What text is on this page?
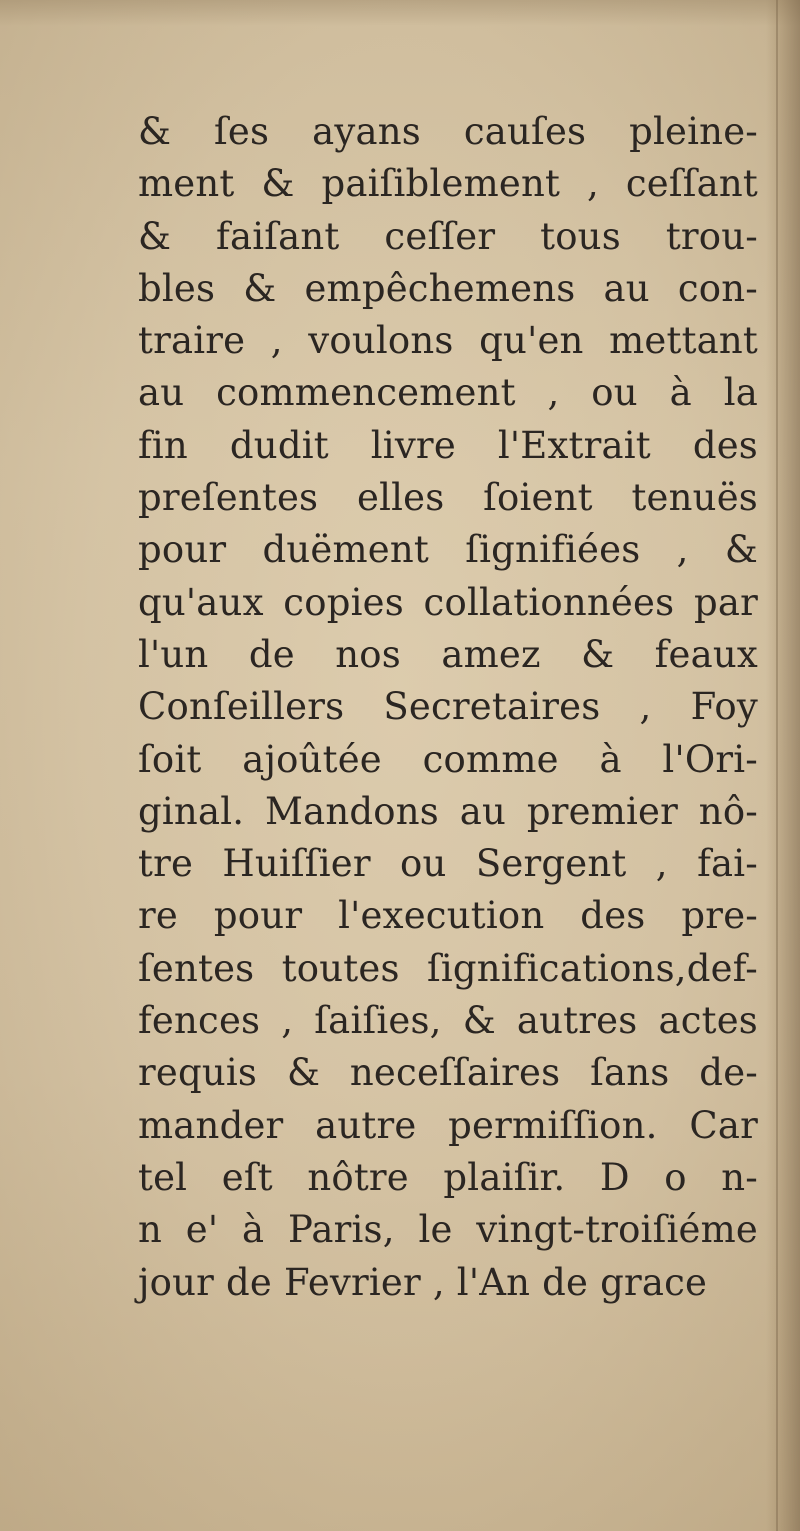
& ſes ayans cauſes pleine-
ment & paiſiblement , ceſſant
& faiſant ceſſer tous trou-
bles & empêchemens au con-
traire , voulons qu'en mettant
au commencement , ou à la
fin dudit livre l'Extrait des
preſentes elles ſoient tenuës
pour duëment ſignifiées , &
qu'aux copies collationnées par
l'un de nos amez & feaux
Conſeillers Secretaires , Foy
ſoit ajoûtée comme à l'Ori-
ginal. Mandons au premier nô-
tre Huiſſier ou Sergent , fai-
re pour l'execution des pre-
ſentes toutes ſignifications,def-
fences , ſaiſies, & autres actes
requis & neceſſaires ſans de-
mander autre permiſſion. Car
tel eſt nôtre plaiſir. D o n-
n e' à Paris, le vingt-troiſiéme
jour de Fevrier , l'An de grace
